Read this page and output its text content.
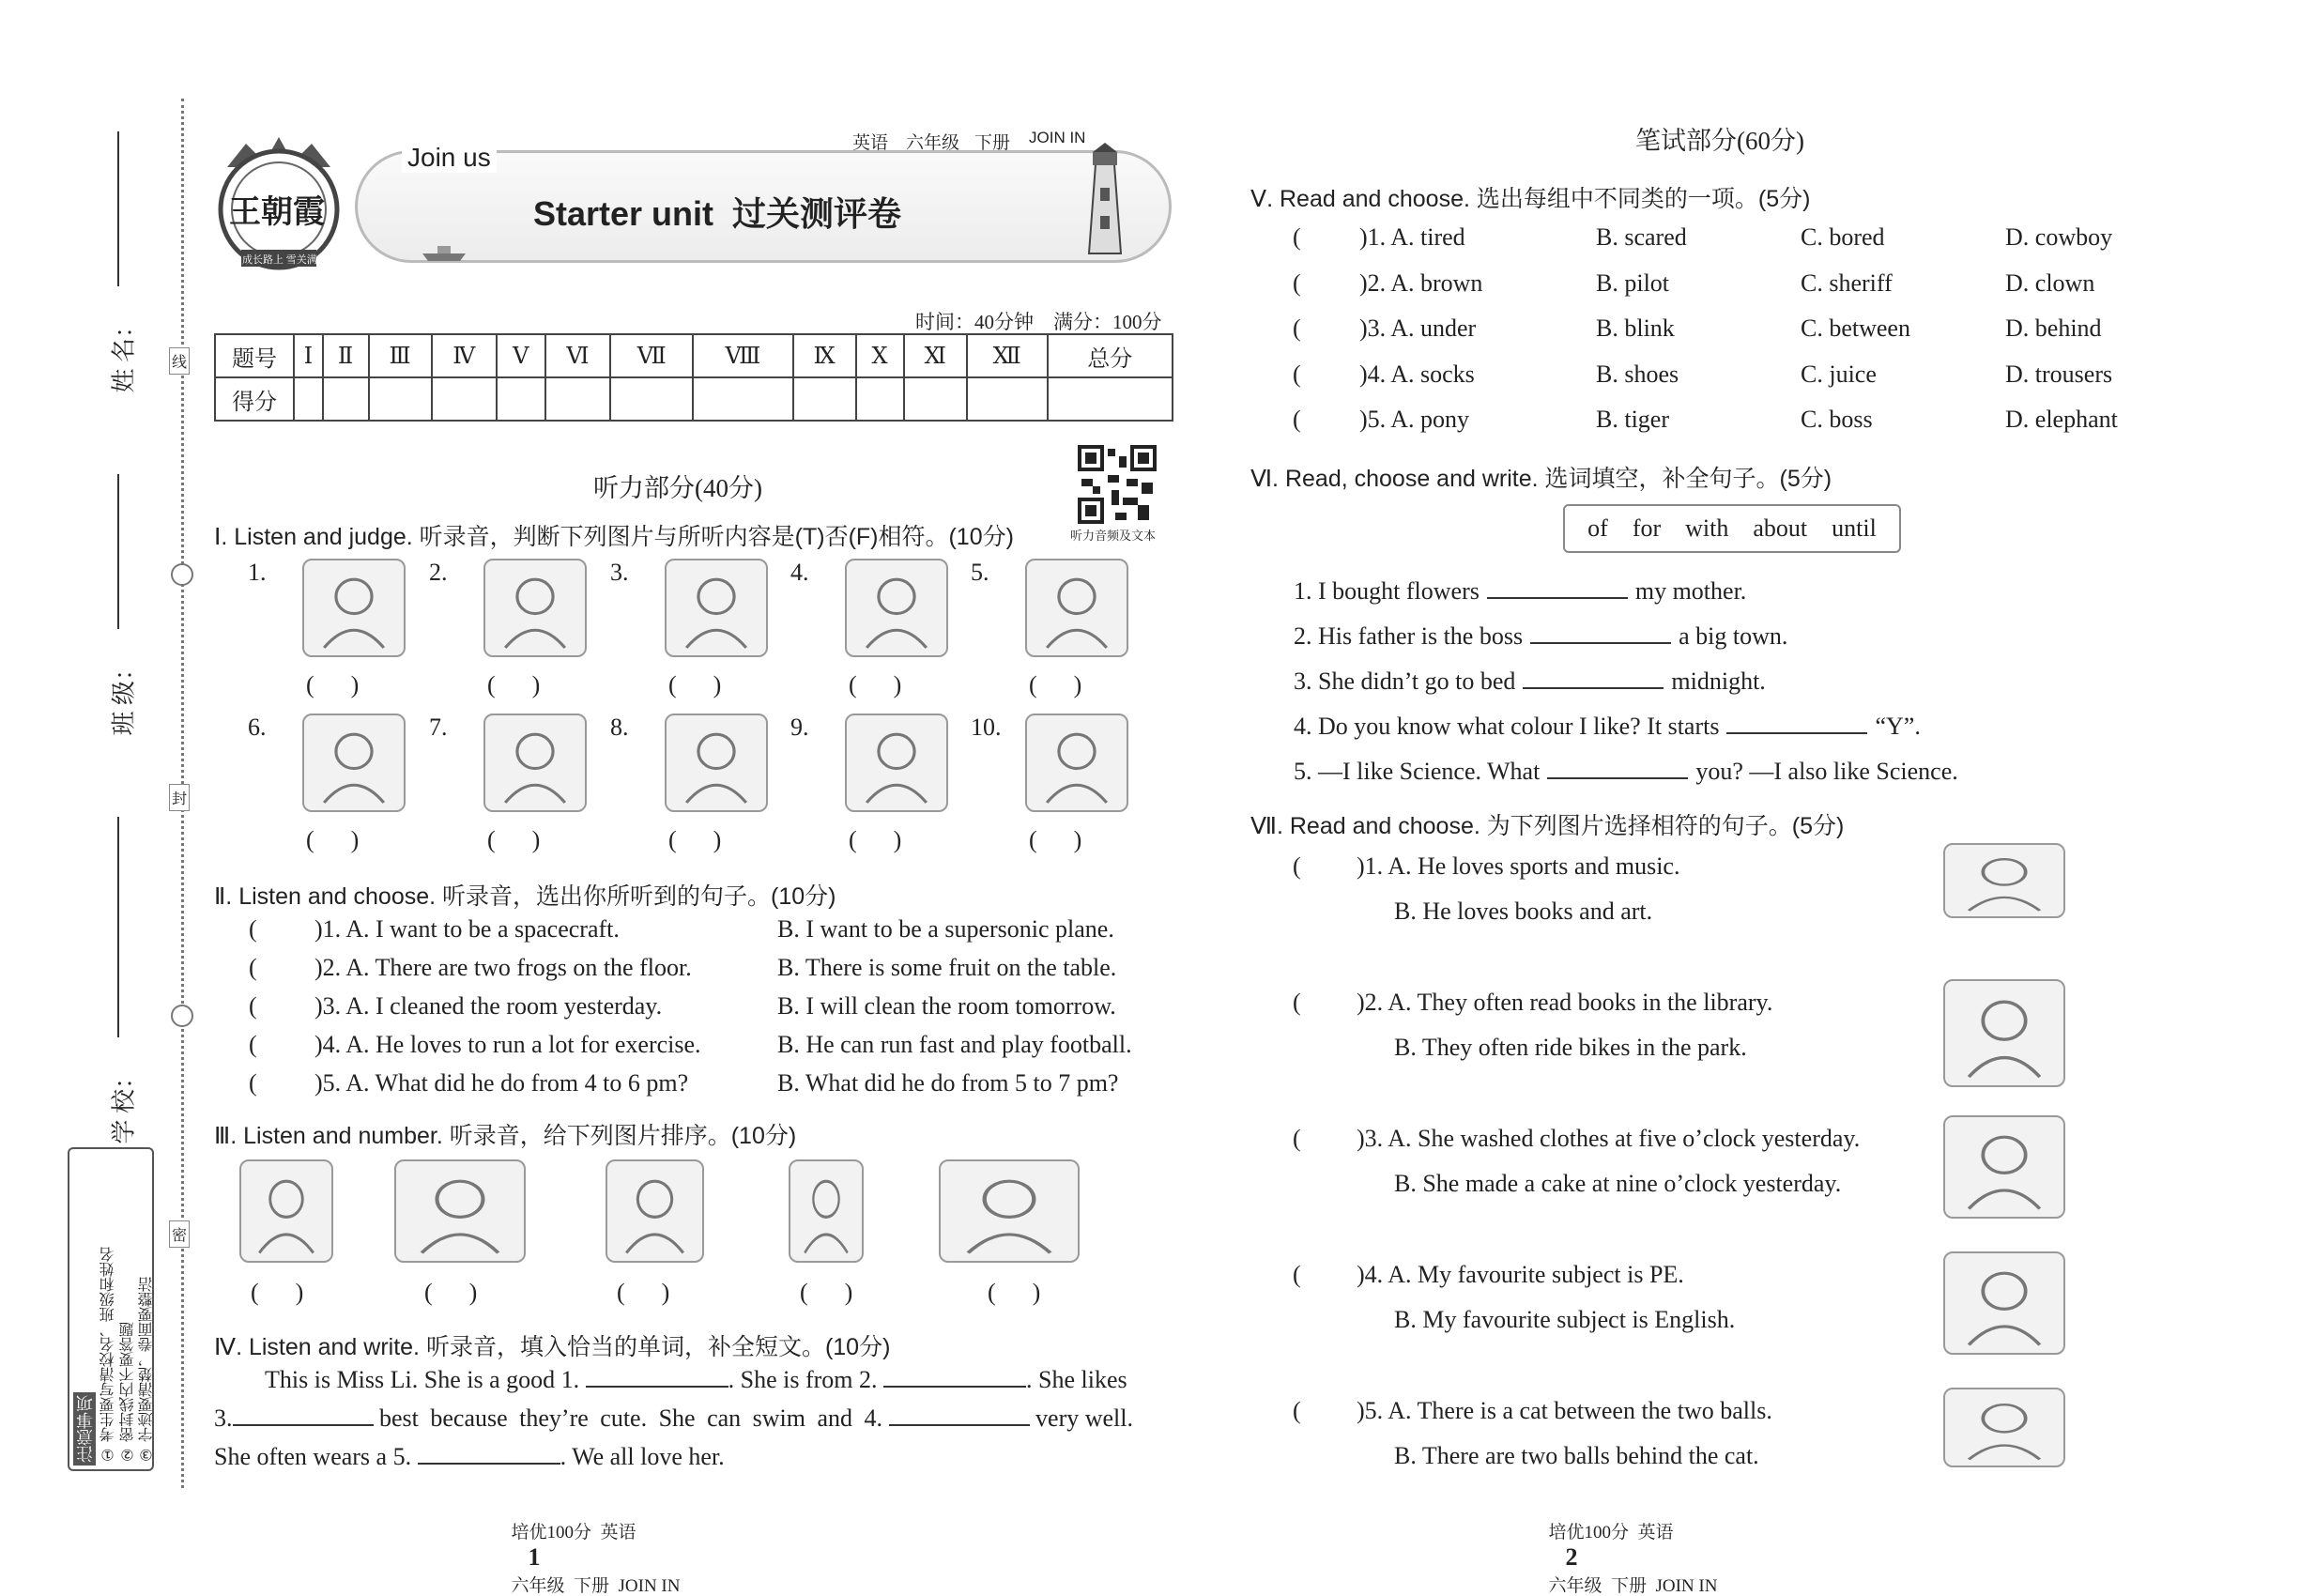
线
封
密
姓 名：
班 级：
学 校：
注意事项 ① 考生要写清校名、班级和姓名 ② 密封线内不要答题 ③ 字迹要清楚，卷面要整洁
王朝霞
成长路上 雪关满天
Join us	英语 六年级 下册 JOIN IN
Starter unit  过关测评卷
时间：40分钟    满分：100分
题号	Ⅰ	Ⅱ	Ⅲ	Ⅳ	Ⅴ	Ⅵ	Ⅶ	Ⅷ	Ⅸ	Ⅹ	Ⅺ	Ⅻ	总分
得分													
听力部分(40分)
听力音频及文本
Ⅰ. Listen and judge. 听录音，判断下列图片与所听内容是(T)否(F)相符。(10分)
1.
(      )
2.
(      )
3.
(      )
4.
(      )
5.
(      )
6.
(      )
7.
(      )
8.
(      )
9.
(      )
10.
(      )
Ⅱ. Listen and choose. 听录音，选出你所听到的句子。(10分)
( )1. A. I want to be a spacecraft.	B. I want to be a supersonic plane.
( )2. A. There are two frogs on the floor.	B. There is some fruit on the table.
( )3. A. I cleaned the room yesterday.	B. I will clean the room tomorrow.
( )4. A. He loves to run a lot for exercise.	B. He can run fast and play football.
( )5. A. What did he do from 4 to 6 pm?	B. What did he do from 5 to 7 pm?
Ⅲ. Listen and number. 听录音，给下列图片排序。(10分)
(      )	(      )	(      )	(      )	(      )
Ⅳ. Listen and write. 听录音，填入恰当的单词，补全短文。(10分)
This is Miss Li. She is a good 1.	. She is from 2.	. She likes
3.	best because they’re cute. She can swim and 4.	very well.
She often wears a 5.	. We all love her.
笔试部分(60分)
Ⅴ. Read and choose. 选出每组中不同类的一项。(5分)
( )1. A. tired	B. scared	C. bored	D. cowboy
( )2. A. brown	B. pilot	C. sheriff	D. clown
( )3. A. under	B. blink	C. between	D. behind
( )4. A. socks	B. shoes	C. juice	D. trousers
( )5. A. pony	B. tiger	C. boss	D. elephant
Ⅵ. Read, choose and write. 选词填空，补全句子。(5分)
of    for    with    about    until
1. I bought flowers	my mother.
2. His father is the boss	a big town.
3. She didn’t go to bed	midnight.
4. Do you know what colour I like? It starts	“Y”.
5. —I like Science. What	you? —I also like Science.
Ⅶ. Read and choose. 为下列图片选择相符的句子。(5分)
( )1. A. He loves sports and music.
B. He loves books and art.
( )2. A. They often read books in the library.
B. They often ride bikes in the park.
( )3. A. She washed clothes at five o’clock yesterday.
B. She made a cake at nine o’clock yesterday.
( )4. A. My favourite subject is PE.
B. My favourite subject is English.
( )5. A. There is a cat between the two balls.
B. There are two balls behind the cat.

培优100分  英语
1
六年级  下册  JOIN IN

培优100分  英语
2
六年级  下册  JOIN IN
